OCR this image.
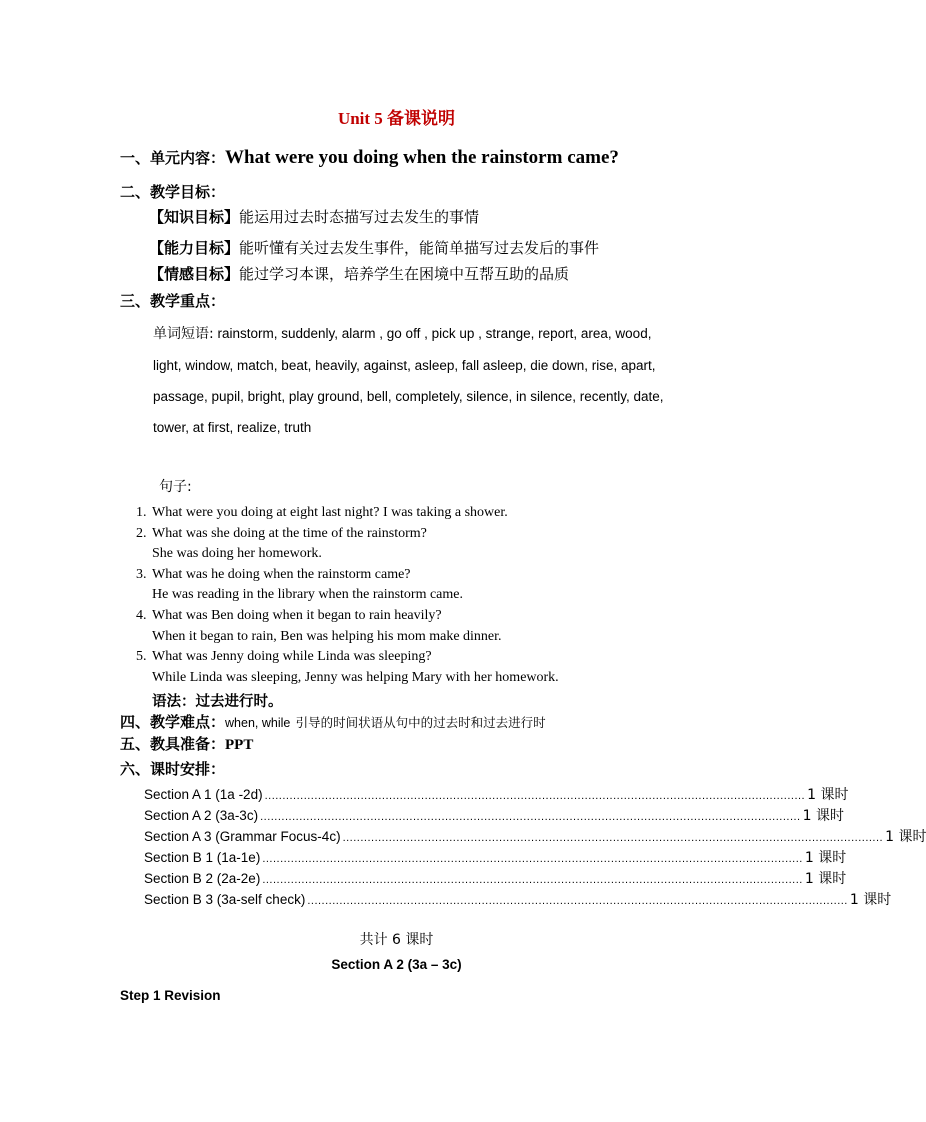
Unit 5 备课说明
一、单元内容：What were you doing when the rainstorm came?
二、教学目标：
【知识目标】能运用过去时态描写过去发生的事情
【能力目标】能听懂有关过去发生事件，能简单描写过去发后的事件
【情感目标】能过学习本课，培养学生在困境中互帮互助的品质
三、教学重点：
单词短语: rainstorm, suddenly, alarm , go off , pick up , strange, report, area, wood, light, window, match, beat, heavily, against, asleep, fall asleep, die down, rise, apart, passage, pupil, bright, play ground, bell, completely, silence, in silence, recently, date, tower, at first, realize, truth
句子:
1. What were you doing at eight last night? I was taking a shower.
2. What was she doing at the time of the rainstorm?
She was doing her homework.
3. What was he doing when the rainstorm came?
He was reading in the library when the rainstorm came.
4. What was Ben doing when it began to rain heavily?
When it began to rain, Ben was helping his mom make dinner.
5. What was Jenny doing while Linda was sleeping?
While Linda was sleeping, Jenny was helping Mary with her homework.
语法：过去进行时。
四、教学难点：when, while 引导的时间状语从句中的过去时和过去进行时
五、教具准备：PPT
六、课时安排：
Section A 1 (1a -2d) ........................................................................................................................................................ 1 课时
Section A 2 (3a-3c) ........................................................................................................................................................ 1 课时
Section A 3 (Grammar Focus-4c) ........................................................................................................................................................ 1 课时
Section B 1 (1a-1e) ........................................................................................................................................................ 1 课时
Section B 2 (2a-2e) ........................................................................................................................................................ 1 课时
Section B 3 (3a-self check) ........................................................................................................................................................ 1 课时
共计 6 课时
Section A 2 (3a – 3c)
Step 1 Revision
